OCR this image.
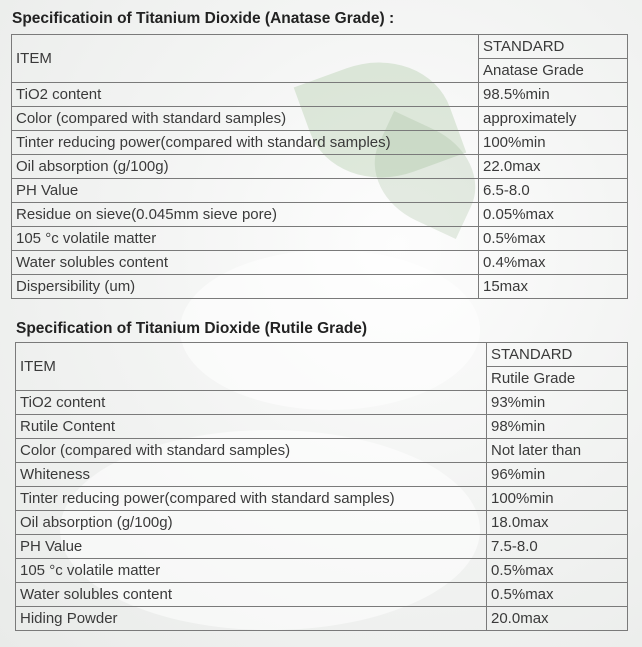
Specificatioin of Titanium Dioxide (Anatase Grade) :
ITEM	STANDARD
	Anatase Grade
TiO2 content	98.5%min
Color (compared with standard samples)	approximately
Tinter reducing power(compared with standard samples)	100%min
Oil absorption (g/100g)	22.0max
PH Value	6.5-8.0
Residue on sieve(0.045mm sieve pore)	0.05%max
105 °c volatile matter	0.5%max
Water solubles content	0.4%max
Dispersibility (um)	15max
Specification of Titanium Dioxide (Rutile Grade)
ITEM	STANDARD
	Rutile Grade
TiO2 content	93%min
Rutile Content	98%min
Color (compared with standard samples)	Not later than
Whiteness	96%min
Tinter reducing power(compared with standard samples)	100%min
Oil absorption (g/100g)	18.0max
PH Value	7.5-8.0
105 °c volatile matter	0.5%max
Water solubles content	0.5%max
Hiding Powder	20.0max
